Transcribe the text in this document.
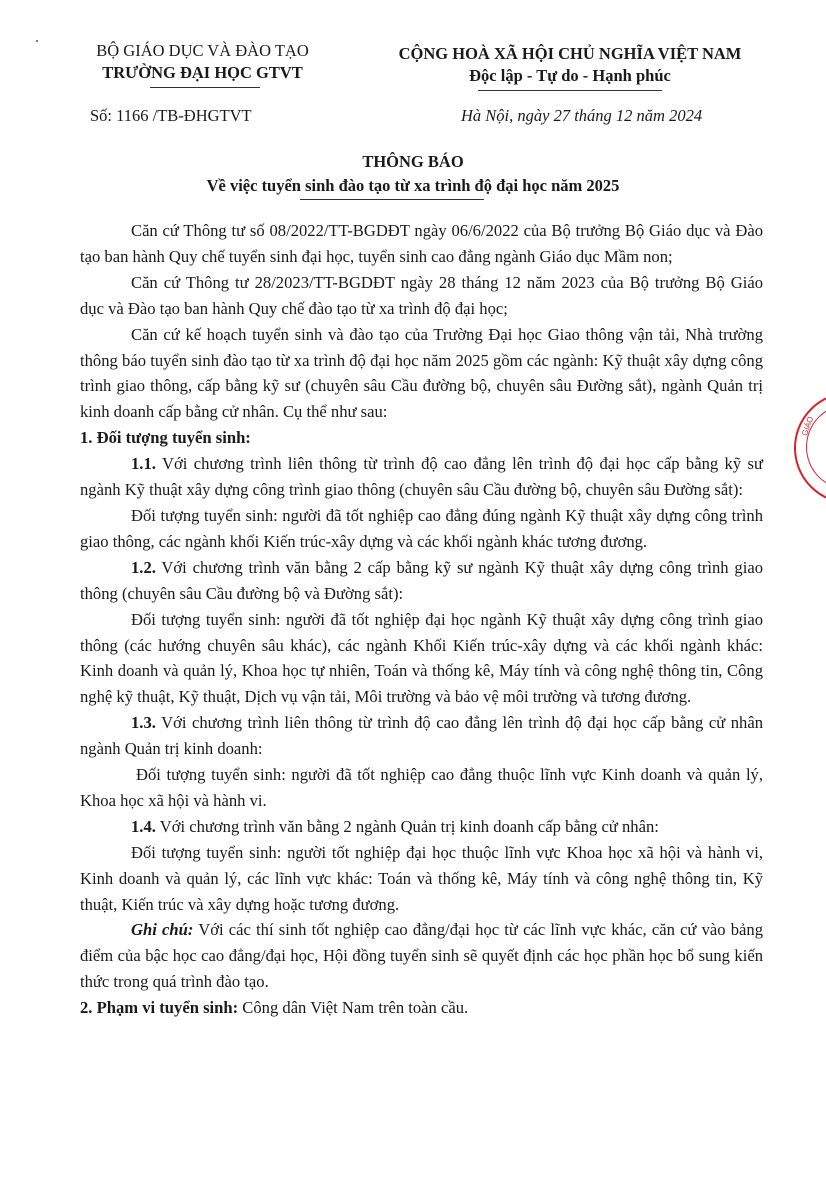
BỘ GIÁO DỤC VÀ ĐÀO TẠO
TRƯỜNG ĐẠI HỌC GTVT
CỘNG HOÀ XÃ HỘI CHỦ NGHĨA VIỆT NAM
Độc lập - Tự do - Hạnh phúc
Số: 1166 /TB-ĐHGTVT	Hà Nội, ngày 27 tháng 12 năm 2024
THÔNG BÁO
Về việc tuyển sinh đào tạo từ xa trình độ đại học năm 2025

Căn cứ Thông tư số 08/2022/TT-BGDĐT ngày 06/6/2022 của Bộ trưởng Bộ Giáo dục và Đào tạo ban hành Quy chế tuyển sinh đại học, tuyển sinh cao đẳng ngành Giáo dục Mầm non;

Căn cứ Thông tư 28/2023/TT-BGDĐT ngày 28 tháng 12 năm 2023 của Bộ trưởng Bộ Giáo dục và Đào tạo ban hành Quy chế đào tạo từ xa trình độ đại học;

Căn cứ kế hoạch tuyển sinh và đào tạo của Trường Đại học Giao thông vận tải, Nhà trường thông báo tuyển sinh đào tạo từ xa trình độ đại học năm 2025 gồm các ngành: Kỹ thuật xây dựng công trình giao thông, cấp bằng kỹ sư (chuyên sâu Cầu đường bộ, chuyên sâu Đường sắt), ngành Quản trị kinh doanh cấp bằng cử nhân. Cụ thể như sau:

1. Đối tượng tuyển sinh:

1.1. Với chương trình liên thông từ trình độ cao đẳng lên trình độ đại học cấp bằng kỹ sư ngành Kỹ thuật xây dựng công trình giao thông (chuyên sâu Cầu đường bộ, chuyên sâu Đường sắt):

Đối tượng tuyển sinh: người đã tốt nghiệp cao đẳng đúng ngành Kỹ thuật xây dựng công trình giao thông, các ngành khối Kiến trúc-xây dựng và các khối ngành khác tương đương.

1.2. Với chương trình văn bằng 2 cấp bằng kỹ sư ngành Kỹ thuật xây dựng công trình giao thông (chuyên sâu Cầu đường bộ và Đường sắt):

Đối tượng tuyển sinh: người đã tốt nghiệp đại học ngành Kỹ thuật xây dựng công trình giao thông (các hướng chuyên sâu khác), các ngành Khối Kiến trúc-xây dựng và các khối ngành khác: Kinh doanh và quản lý, Khoa học tự nhiên, Toán và thống kê, Máy tính và công nghệ thông tin, Công nghệ kỹ thuật, Kỹ thuật, Dịch vụ vận tải, Môi trường và bảo vệ môi trường và tương đương.

1.3. Với chương trình liên thông từ trình độ cao đẳng lên trình độ đại học cấp bằng cử nhân ngành Quản trị kinh doanh:

Đối tượng tuyển sinh: người đã tốt nghiệp cao đẳng thuộc lĩnh vực Kinh doanh và quản lý, Khoa học xã hội và hành vi.

1.4. Với chương trình văn bằng 2 ngành Quản trị kinh doanh cấp bằng cử nhân:

Đối tượng tuyển sinh: người tốt nghiệp đại học thuộc lĩnh vực Khoa học xã hội và hành vi, Kinh doanh và quản lý, các lĩnh vực khác: Toán và thống kê, Máy tính và công nghệ thông tin, Kỹ thuật, Kiến trúc và xây dựng hoặc tương đương.

Ghi chú: Với các thí sinh tốt nghiệp cao đẳng/đại học từ các lĩnh vực khác, căn cứ vào bảng điểm của bậc học cao đẳng/đại học, Hội đồng tuyển sinh sẽ quyết định các học phần học bổ sung kiến thức trong quá trình đào tạo.

2. Phạm vi tuyển sinh: Công dân Việt Nam trên toàn cầu.

GIÁO
